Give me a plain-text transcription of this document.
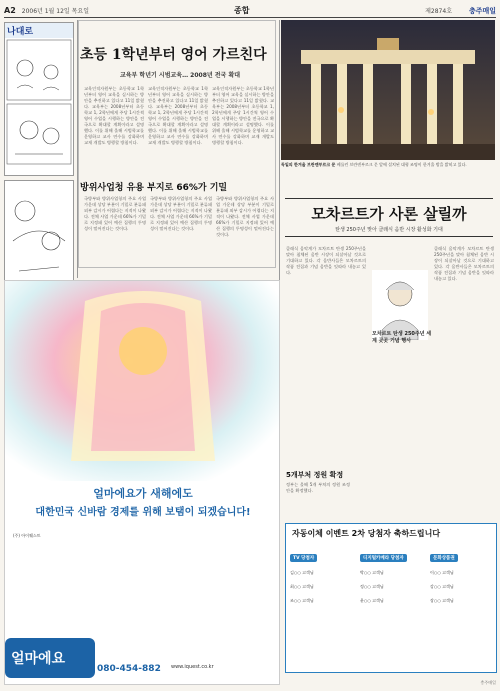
A2 2006년 1월 12일 목요일	종합	제2874호 충주매일
나대로
초등 1학년부터 영어 가르친다
교육부 학년기 시범교육… 2008년 전국 확대
교육인적자원부는 초등학교 1학년부터 영어 교육을 실시하는 방안을 추진하고 있다고 11일 밝혔다. 교육부는 2008년부터 초등학교 1, 2학년에게 주당 1시간씩 영어 수업을 시행하는 방안을 전국으로 확대할 계획이라고 설명했다. 이를 위해 올해 시범학교를 운영하고 교사 연수를 강화하며 교재 개발도 병행할 방침이다.
교육인적자원부는 초등학교 1학년부터 영어 교육을 실시하는 방안을 추진하고 있다고 11일 밝혔다. 교육부는 2008년부터 초등학교 1, 2학년에게 주당 1시간씩 영어 수업을 시행하는 방안을 전국으로 확대할 계획이라고 설명했다. 이를 위해 올해 시범학교를 운영하고 교사 연수를 강화하며 교재 개발도 병행할 방침이다.
교육인적자원부는 초등학교 1학년부터 영어 교육을 실시하는 방안을 추진하고 있다고 11일 밝혔다. 교육부는 2008년부터 초등학교 1, 2학년에게 주당 1시간씩 영어 수업을 시행하는 방안을 전국으로 확대할 계획이라고 설명했다. 이를 위해 올해 시범학교를 운영하고 교사 연수를 강화하며 교재 개발도 병행할 방침이다.
방위사업청 유용 부지로 66%가 기밀
국방부와 방위사업청의 주요 사업 가운데 상당 부분이 기밀로 분류돼 외부 감시가 어렵다는 지적이 나왔다. 전체 사업 가운데 66%가 기밀로 지정돼 있어 예산 집행의 투명성이 떨어진다는 것이다.
국방부와 방위사업청의 주요 사업 가운데 상당 부분이 기밀로 분류돼 외부 감시가 어렵다는 지적이 나왔다. 전체 사업 가운데 66%가 기밀로 지정돼 있어 예산 집행의 투명성이 떨어진다는 것이다.
국방부와 방위사업청의 주요 사업 가운데 상당 부분이 기밀로 분류돼 외부 감시가 어렵다는 지적이 나왔다. 전체 사업 가운데 66%가 기밀로 지정돼 있어 예산 집행의 투명성이 떨어진다는 것이다.
독일의 한겨울 브란덴부르크 문 베를린 브란덴부르크 문 앞에 설치된 대형 조명이 한겨울 밤을 밝히고 있다.
모차르트가 사론 살릴까
탄생 250주년 맞아 클래식 음반 시장 활성화 기대
클래식 음악계가 모차르트 탄생 250주년을 맞아 침체된 음반 시장이 되살아날 것으로 기대하고 있다. 각 음반사들은 모차르트의 작품 전집과 기념 음반을 잇따라 내놓고 있다.
클래식 음악계가 모차르트 탄생 250주년을 맞아 침체된 음반 시장이 되살아날 것으로 기대하고 있다. 각 음반사들은 모차르트의 작품 전집과 기념 음반을 잇따라 내놓고 있다.
모차르트 탄생 250주년 세계 곳곳 기념 행사
5개부처 정원 확정
정부는 올해 5개 부처의 정원 조정안을 확정했다.
얼마에요가 새해에도
대한민국 신바람 경제를 위해 보탬이 되겠습니다!
(주) 아이퀘스트
얼마에요
080-454-882 www.iquest.co.kr
자동이체 이벤트 2차 당첨자 축하드립니다
TV 당첨자	디지털카메라 당첨자	문화상품권
김○○ 고객님	박○○ 고객님	이○○ 고객님
최○○ 고객님	정○○ 고객님	강○○ 고객님
조○○ 고객님	윤○○ 고객님	장○○ 고객님
충주매일
